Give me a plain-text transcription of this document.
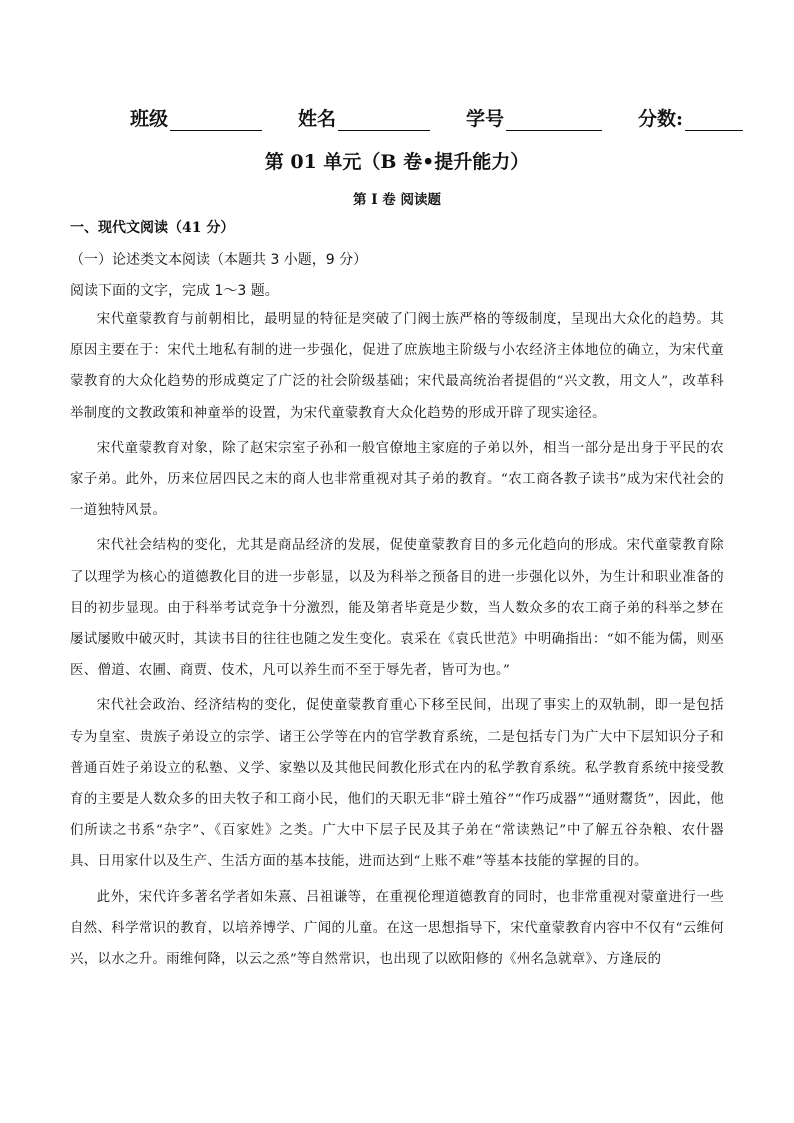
班级	姓名	学号	分数:
第 01 单元（B 卷•提升能力）
第 I 卷 阅读题
一、现代文阅读（41 分）
（一）论述类文本阅读（本题共 3 小题，9 分）
阅读下面的文字，完成 1～3 题。

宋代童蒙教育与前朝相比，最明显的特征是突破了门阀士族严格的等级制度，呈现出大众化的趋势。其原因主要在于：宋代土地私有制的进一步强化，促进了庶族地主阶级与小农经济主体地位的确立，为宋代童蒙教育的大众化趋势的形成奠定了广泛的社会阶级基础；宋代最高统治者提倡的“兴文教，用文人”，改革科举制度的文教政策和神童举的设置，为宋代童蒙教育大众化趋势的形成开辟了现实途径。

宋代童蒙教育对象，除了赵宋宗室子孙和一般官僚地主家庭的子弟以外，相当一部分是出身于平民的农家子弟。此外，历来位居四民之末的商人也非常重视对其子弟的教育。“农工商各教子读书”成为宋代社会的一道独特风景。

宋代社会结构的变化，尤其是商品经济的发展，促使童蒙教育目的多元化趋向的形成。宋代童蒙教育除了以理学为核心的道德教化目的进一步彰显，以及为科举之预备目的进一步强化以外，为生计和职业准备的目的初步显现。由于科举考试竞争十分激烈，能及第者毕竟是少数，当人数众多的农工商子弟的科举之梦在屡试屡败中破灭时，其读书目的往往也随之发生变化。袁采在《袁氏世范》中明确指出：“如不能为儒，则巫医、僧道、农圃、商贾、伎术，凡可以养生而不至于辱先者，皆可为也。”

宋代社会政治、经济结构的变化，促使童蒙教育重心下移至民间，出现了事实上的双轨制，即一是包括专为皇室、贵族子弟设立的宗学、诸王公学等在内的官学教育系统，二是包括专门为广大中下层知识分子和普通百姓子弟设立的私塾、义学、家塾以及其他民间教化形式在内的私学教育系统。私学教育系统中接受教育的主要是人数众多的田夫牧子和工商小民，他们的天职无非“辟土殖谷”“作巧成器”“通财鬻货”，因此，他们所读之书系“杂字”、《百家姓》之类。广大中下层子民及其子弟在“常读熟记”中了解五谷杂粮、农什器具、日用家什以及生产、生活方面的基本技能，进而达到“上账不难”等基本技能的掌握的目的。

此外，宋代许多著名学者如朱熹、吕祖谦等，在重视伦理道德教育的同时，也非常重视对蒙童进行一些自然、科学常识的教育，以培养博学、广闻的儿童。在这一思想指导下，宋代童蒙教育内容中不仅有“云维何兴，以水之升。雨维何降，以云之烝”等自然常识，也出现了以欧阳修的《州名急就章》、方逢辰的
